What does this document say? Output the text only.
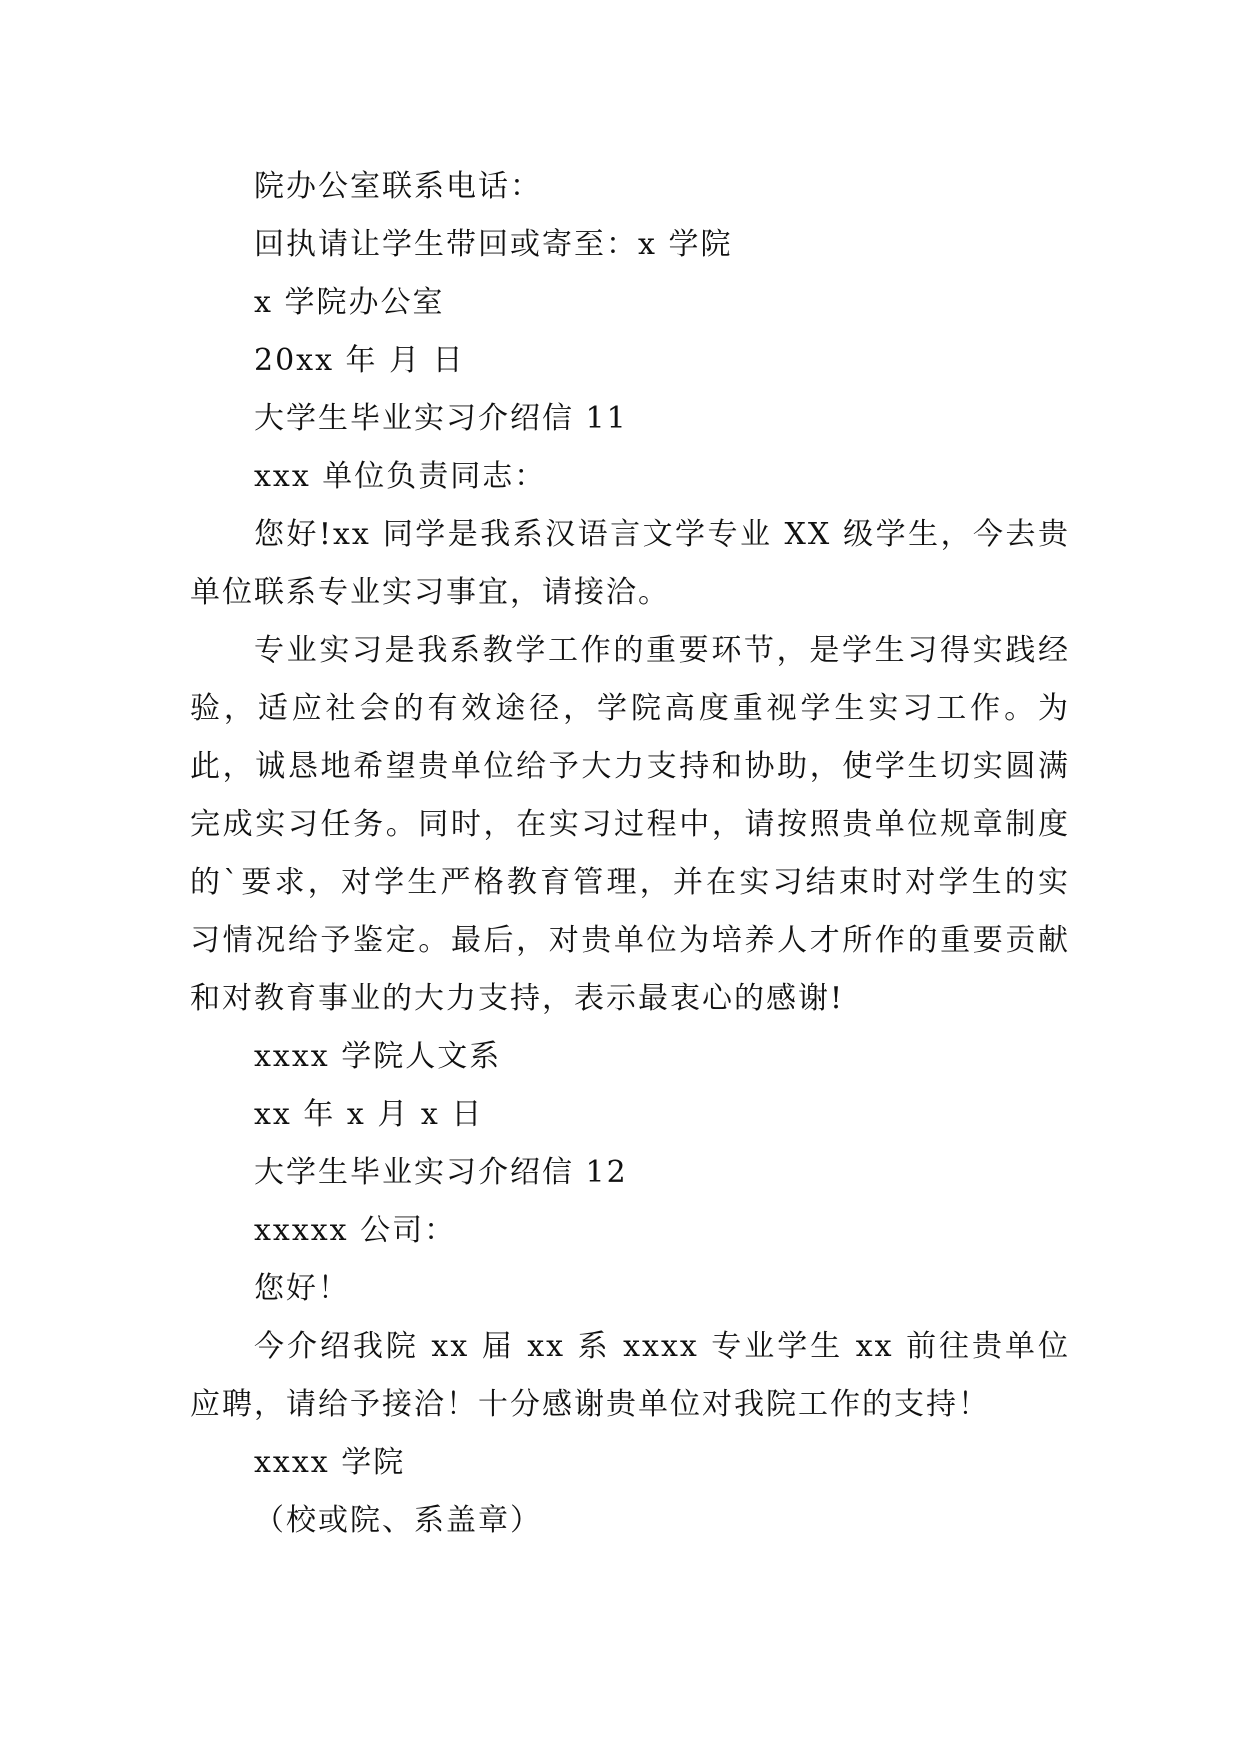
院办公室联系电话：
回执请让学生带回或寄至：x 学院
x 学院办公室
20xx 年 月 日
大学生毕业实习介绍信 11
xxx 单位负责同志：
您好!xx 同学是我系汉语言文学专业 XX 级学生，今去贵单位联系专业实习事宜，请接洽。
专业实习是我系教学工作的重要环节，是学生习得实践经验，适应社会的有效途径，学院高度重视学生实习工作。为此，诚恳地希望贵单位给予大力支持和协助，使学生切实圆满完成实习任务。同时，在实习过程中，请按照贵单位规章制度的`要求，对学生严格教育管理，并在实习结束时对学生的实习情况给予鉴定。最后，对贵单位为培养人才所作的重要贡献和对教育事业的大力支持，表示最衷心的感谢!
xxxx 学院人文系
xx 年 x 月 x 日
大学生毕业实习介绍信 12
xxxxx 公司：
您好！
今介绍我院 xx 届 xx 系 xxxx 专业学生 xx 前往贵单位应聘，请给予接洽！十分感谢贵单位对我院工作的支持！
xxxx 学院
（校或院、系盖章）
